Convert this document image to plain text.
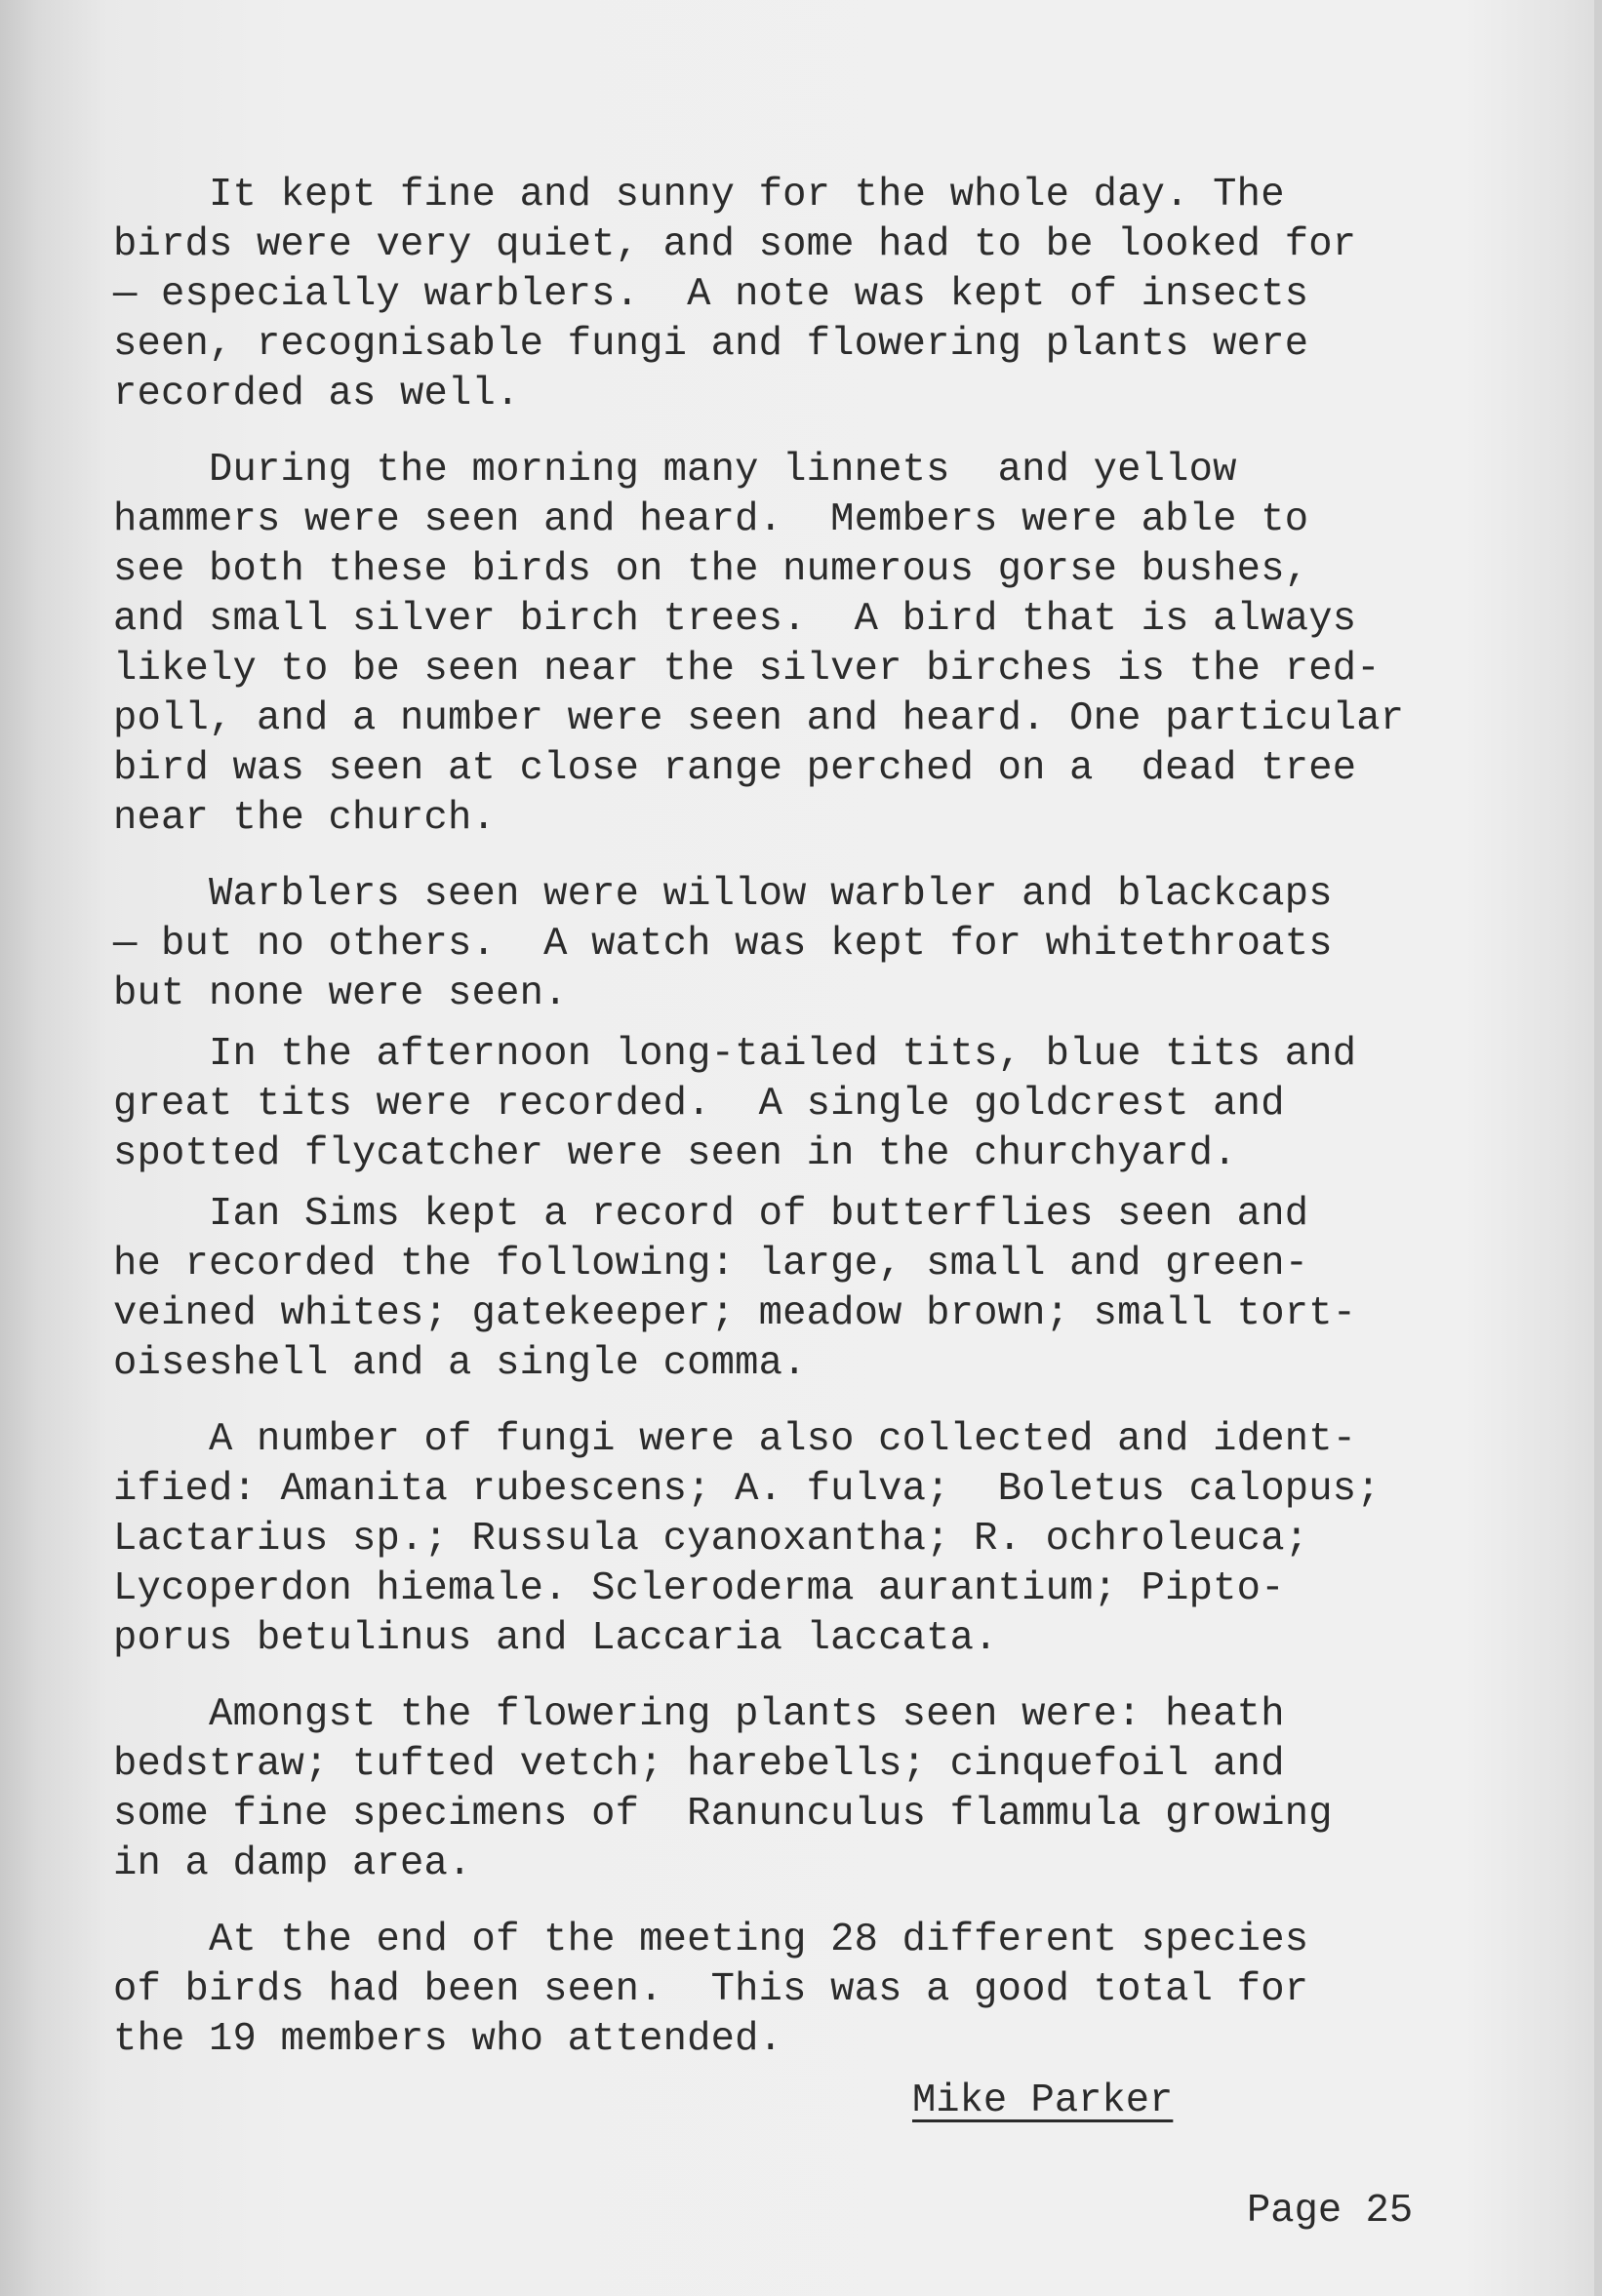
It kept fine and sunny for the whole day. The
birds were very quiet, and some had to be looked for
— especially warblers.  A note was kept of insects
seen, recognisable fungi and flowering plants were
recorded as well.

During the morning many linnets  and yellow
hammers were seen and heard.  Members were able to
see both these birds on the numerous gorse bushes,
and small silver birch trees.  A bird that is always
likely to be seen near the silver birches is the red-
poll, and a number were seen and heard. One particular
bird was seen at close range perched on a  dead tree
near the church.

Warblers seen were willow warbler and blackcaps
— but no others.  A watch was kept for whitethroats
but none were seen.

In the afternoon long-tailed tits, blue tits and
great tits were recorded.  A single goldcrest and
spotted flycatcher were seen in the churchyard.

Ian Sims kept a record of butterflies seen and
he recorded the following: large, small and green-
veined whites; gatekeeper; meadow brown; small tort-
oiseshell and a single comma.

A number of fungi were also collected and ident-
ified: Amanita rubescens; A. fulva;  Boletus calopus;
Lactarius sp.; Russula cyanoxantha; R. ochroleuca;
Lycoperdon hiemale. Scleroderma aurantium; Pipto-
porus betulinus and Laccaria laccata.

Amongst the flowering plants seen were: heath
bedstraw; tufted vetch; harebells; cinquefoil and
some fine specimens of  Ranunculus flammula growing
in a damp area.

At the end of the meeting 28 different species
of birds had been seen.  This was a good total for
the 19 members who attended.

Mike Parker
Page 25
